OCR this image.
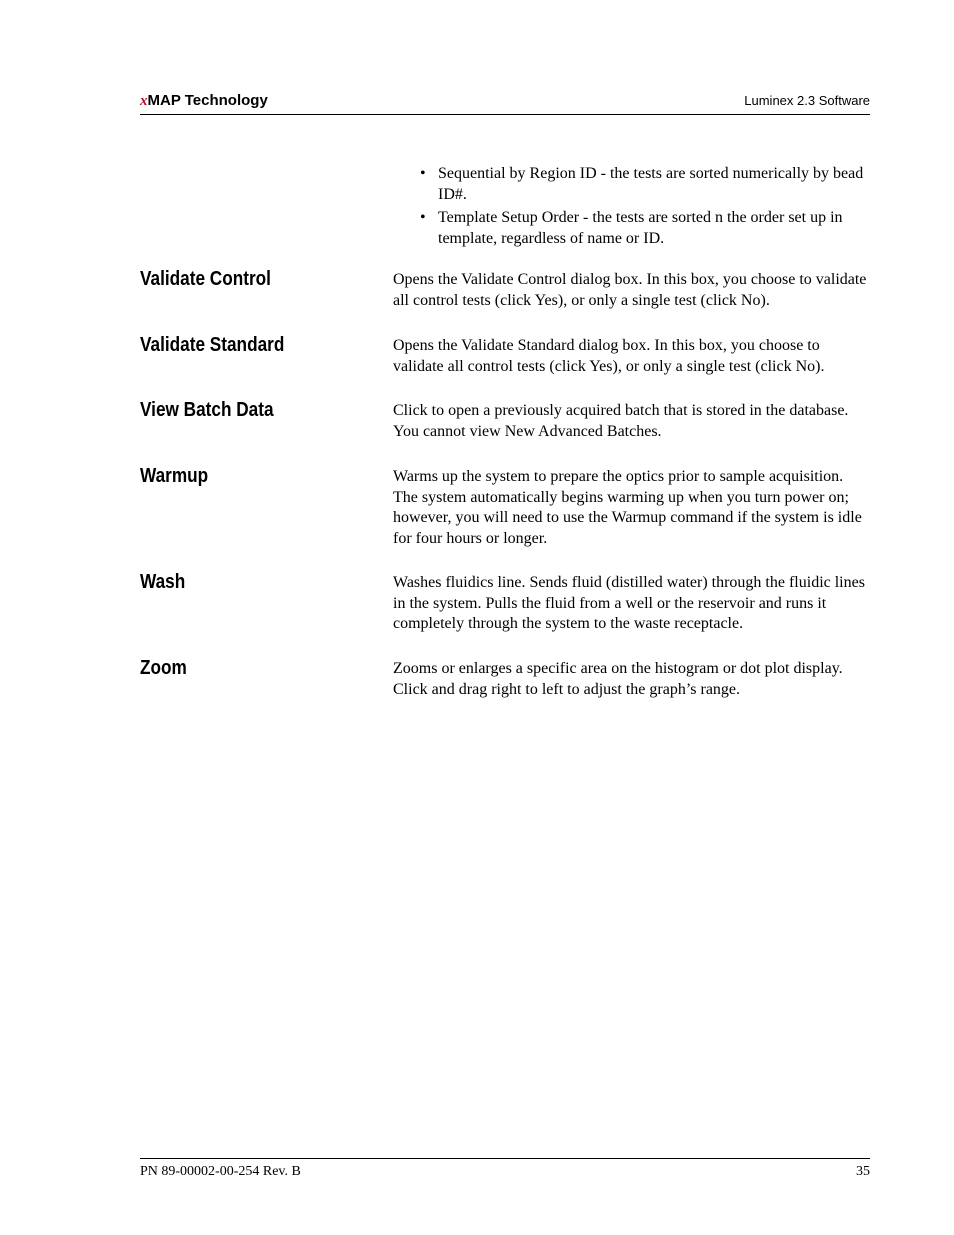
xMAP Technology	Luminex 2.3 Software
• Sequential by Region ID - the tests are sorted numerically by bead ID#.
• Template Setup Order - the tests are sorted n the order set up in template, regardless of name or ID.
Validate Control	Opens the Validate Control dialog box. In this box, you choose to validate all control tests (click Yes), or only a single test (click No).
Validate Standard	Opens the Validate Standard dialog box. In this box, you choose to validate all control tests (click Yes), or only a single test (click No).
View Batch Data	Click to open a previously acquired batch that is stored in the database. You cannot view New Advanced Batches.
Warmup	Warms up the system to prepare the optics prior to sample acquisition. The system automatically begins warming up when you turn power on; however, you will need to use the Warmup command if the system is idle for four hours or longer.
Wash	Washes fluidics line. Sends fluid (distilled water) through the fluidic lines in the system. Pulls the fluid from a well or the reservoir and runs it completely through the system to the waste receptacle.
Zoom	Zooms or enlarges a specific area on the histogram or dot plot display. Click and drag right to left to adjust the graph’s range.
PN 89-00002-00-254 Rev. B	35
